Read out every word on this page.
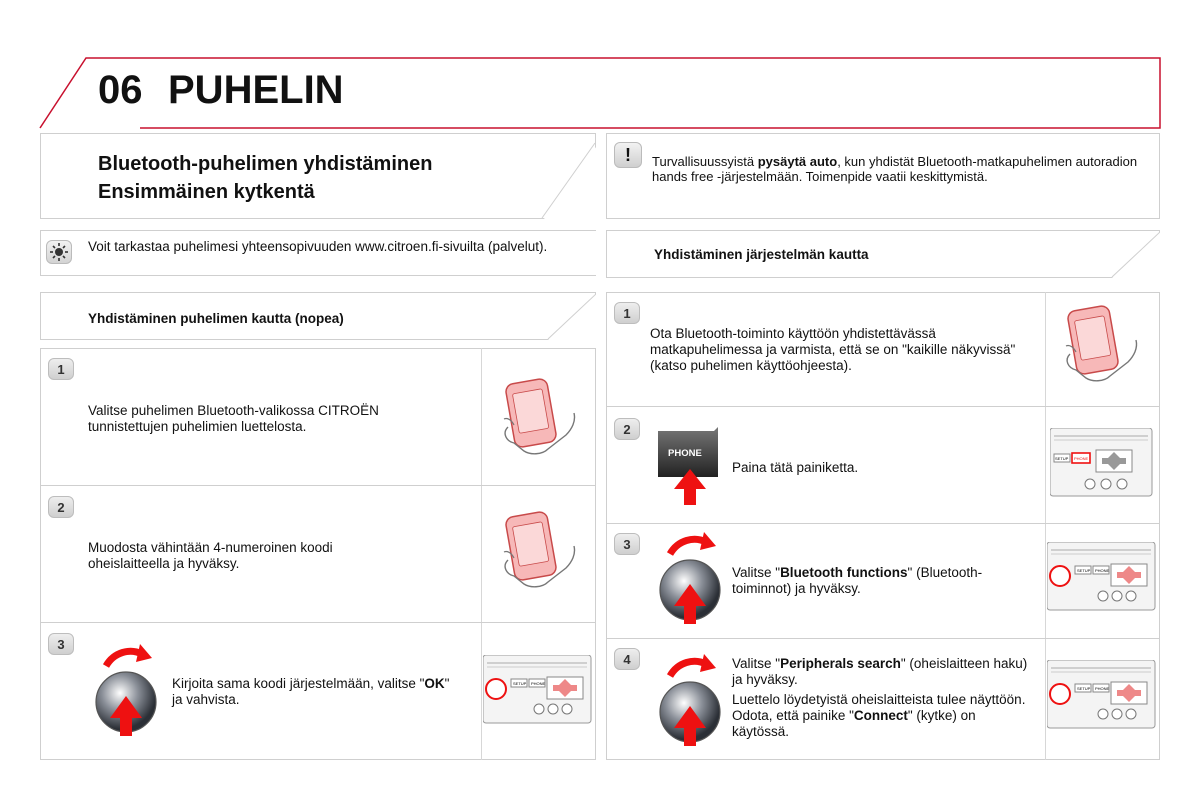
06 PUHELIN
Bluetooth-puhelimen yhdistäminen
Ensimmäinen kytkentä
!	Turvallisuussyistä pysäytä auto, kun yhdistät Bluetooth-matkapuhelimen autoradion hands free -järjestelmään. Toimenpide vaatii keskittymistä.
Voit tarkastaa puhelimesi yhteensopivuuden www.citroen.fi-sivuilta (palvelut).
Yhdistäminen järjestelmän kautta
Yhdistäminen puhelimen kautta (nopea)
1
Valitse puhelimen Bluetooth-valikossa CITROËN tunnistettujen puhelimien luettelosta.
2
Muodosta vähintään 4-numeroinen koodi oheislaitteella ja hyväksy.
3
Kirjoita sama koodi järjestelmään, valitse "OK" ja vahvista.
SETUP PHONE
1
Ota Bluetooth-toiminto käyttöön yhdistettävässä matkapuhelimessa ja varmista, että se on "kaikille näkyvissä" (katso puhelimen käyttöohjeesta).
2
PHONE
Paina tätä painiketta.
SETUP PHONE
3
Valitse "Bluetooth functions" (Bluetooth-toiminnot) ja hyväksy.
SETUP PHONE
4	Valitse "Peripherals search" (oheislaitteen haku) ja hyväksy.
Luettelo löydetyistä oheislaitteista tulee näyttöön. Odota, että painike "Connect" (kytke) on käytössä.
SETUP PHONE
